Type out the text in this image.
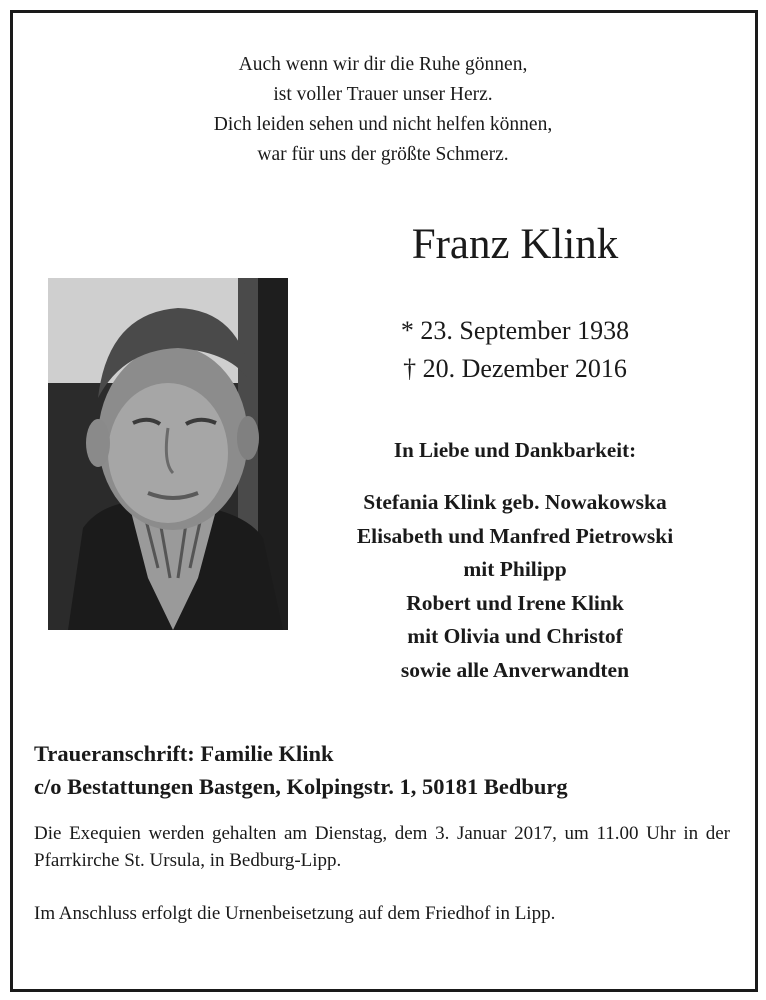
Auch wenn wir dir die Ruhe gönnen,
ist voller Trauer unser Herz.
Dich leiden sehen und nicht helfen können,
war für uns der größte Schmerz.
Franz Klink
* 23. September 1938
† 20. Dezember 2016
In Liebe und Dankbarkeit:
Stefania Klink geb. Nowakowska
Elisabeth und Manfred Pietrowski
mit Philipp
Robert und Irene Klink
mit Olivia und Christof
sowie alle Anverwandten
Traueranschrift: Familie Klink
c/o Bestattungen Bastgen, Kolpingstr. 1, 50181 Bedburg
Die Exequien werden gehalten am Dienstag, dem 3. Januar 2017, um 11.00 Uhr in der Pfarrkirche St. Ursula, in Bedburg-Lipp.
Im Anschluss erfolgt die Urnenbeisetzung auf dem Friedhof in Lipp.
